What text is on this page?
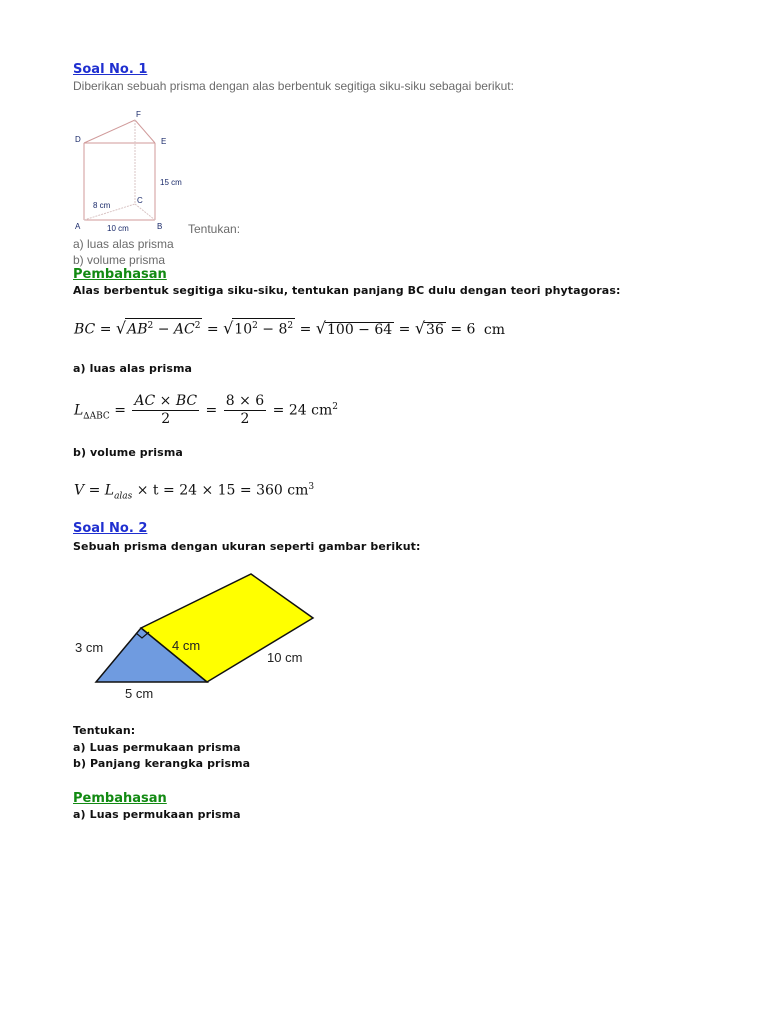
Soal No. 1
Diberikan sebuah prisma dengan alas berbentuk segitiga siku-siku sebagai berikut:
D
F
E
C
A	B
8 cm
10 cm
15 cm
Tentukan:
a) luas alas prisma
b) volume prisma
Pembahasan
Alas berbentuk segitiga siku-siku, tentukan panjang BC dulu dengan teori phytagoras:
BC = $√AB^2 - AC^2 = √10^2 - 8^2 = √100 - 64 = √36 = 6$ cm
a) luas alas prisma
$L_{\Delta ABC} = \frac{AC \times BC}{2} = \frac{8 \times 6}{2} = 24$ $cm^2$
b) volume prisma
$V = L_{alas} \times t = 24 \times 15 = 360$ $cm^3$
Soal No. 2
Sebuah prisma dengan ukuran seperti gambar berikut:
3 cm	4 cm
5 cm
10 cm
Tentukan:
a) Luas permukaan prisma
b) Panjang kerangka prisma
Pembahasan
a) Luas permukaan prisma
